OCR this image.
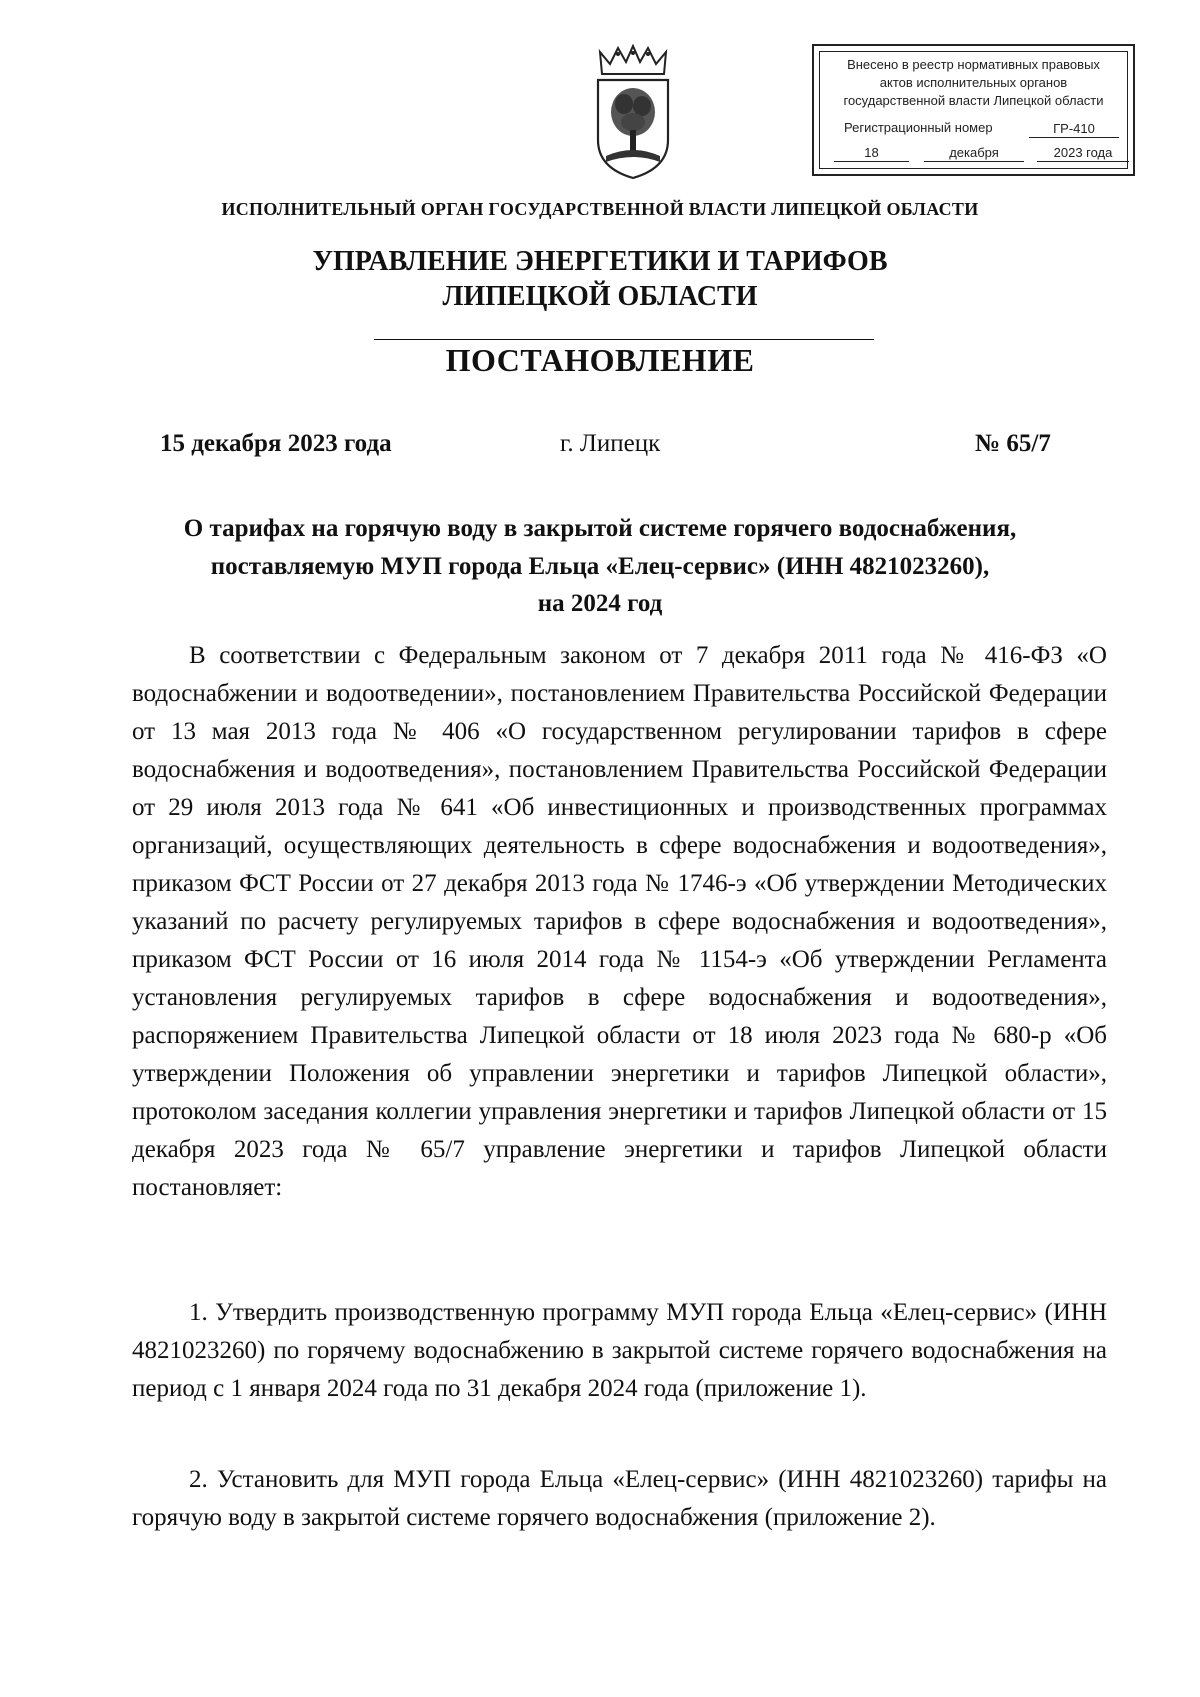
Внесено в реестр нормативных правовых
актов исполнительных органов
государственной власти Липецкой области
Регистрационный номер	ГР-410
18	декабря	2023 года
ИСПОЛНИТЕЛЬНЫЙ ОРГАН ГОСУДАРСТВЕННОЙ ВЛАСТИ ЛИПЕЦКОЙ ОБЛАСТИ
УПРАВЛЕНИЕ ЭНЕРГЕТИКИ И ТАРИФОВ
ЛИПЕЦКОЙ ОБЛАСТИ
ПОСТАНОВЛЕНИЕ
15 декабря 2023 года	г. Липецк	№ 65/7
О тарифах на горячую воду в закрытой системе горячего водоснабжения,
поставляемую МУП города Ельца «Елец-сервис» (ИНН 4821023260),
на 2024 год

В соответствии с Федеральным законом от 7 декабря 2011 года № 416-ФЗ «О водоснабжении и водоотведении», постановлением Правительства Российской Федерации от 13 мая 2013 года № 406 «О государственном регулировании тарифов в сфере водоснабжения и водоотведения», постановлением Правительства Российской Федерации от 29 июля 2013 года № 641 «Об инвестиционных и производственных программах организаций, осуществляющих деятельность в сфере водоснабжения и водоотведения», приказом ФСТ России от 27 декабря 2013 года № 1746-э «Об утверждении Методических указаний по расчету регулируемых тарифов в сфере водоснабжения и водоотведения», приказом ФСТ России от 16 июля 2014 года № 1154-э «Об утверждении Регламента установления регулируемых тарифов в сфере водоснабжения и водоотведения», распоряжением Правительства Липецкой области от 18 июля 2023 года № 680-р «Об утверждении Положения об управлении энергетики и тарифов Липецкой области», протоколом заседания коллегии управления энергетики и тарифов Липецкой области от 15 декабря 2023 года № 65/7 управление энергетики и тарифов Липецкой области постановляет:

1. Утвердить производственную программу МУП города Ельца «Елец-сервис» (ИНН 4821023260) по горячему водоснабжению в закрытой системе горячего водоснабжения на период с 1 января 2024 года по 31 декабря 2024 года (приложение 1).

2. Установить для МУП города Ельца «Елец-сервис» (ИНН 4821023260) тарифы на горячую воду в закрытой системе горячего водоснабжения (приложение 2).
